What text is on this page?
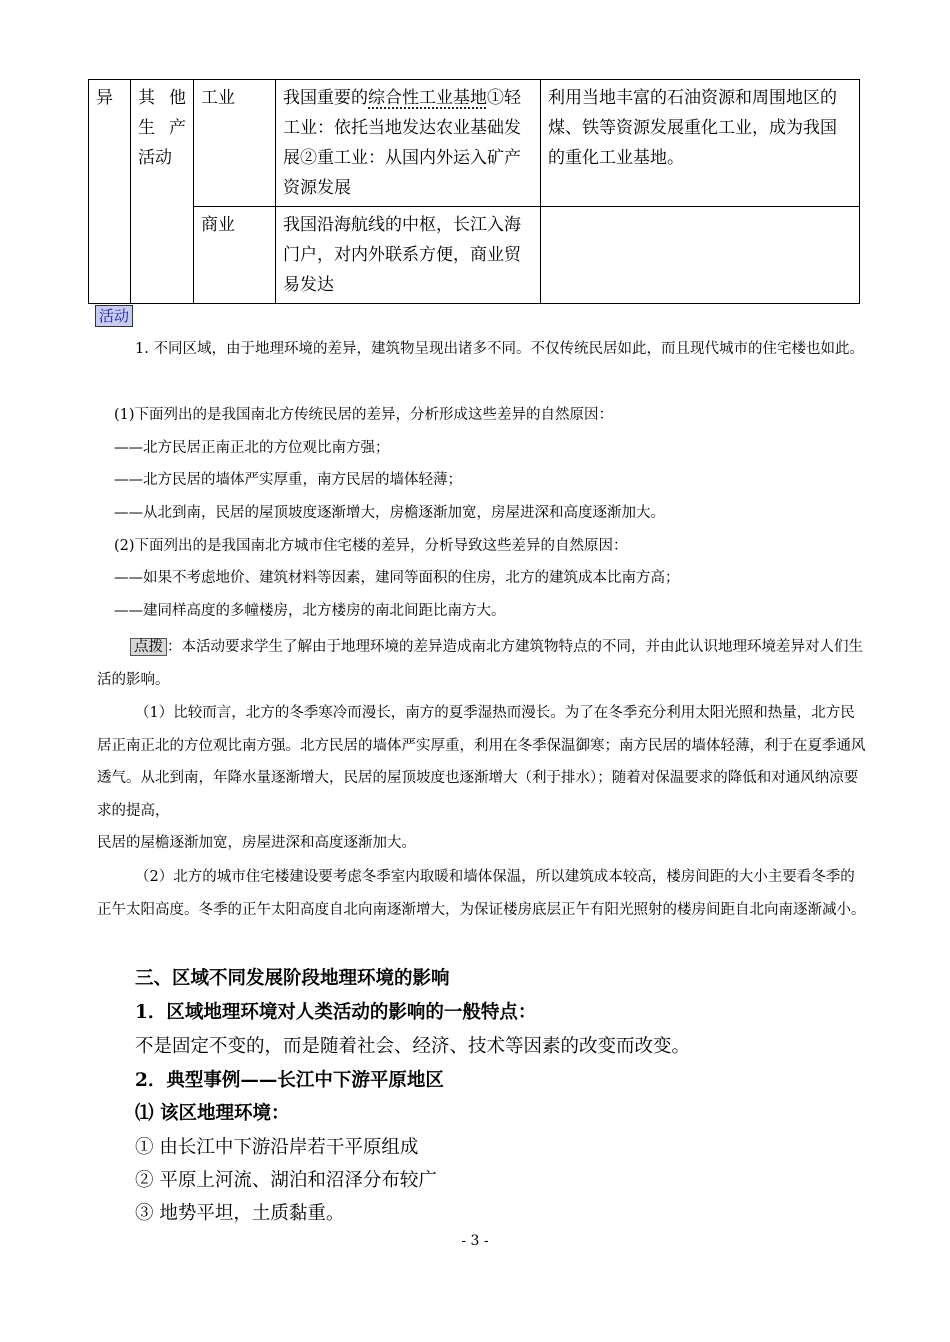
异	其他生产活动	工业	我国重要的综合性工业基地①轻工业：依托当地发达农业基础发展②重工业：从国内外运入矿产资源发展	利用当地丰富的石油资源和周围地区的煤、铁等资源发展重化工业，成为我国的重化工业基地。
		商业	我国沿海航线的中枢，长江入海门户，对内外联系方便，商业贸易发达	
活动
1. 不同区域，由于地理环境的差异，建筑物呈现出诸多不同。不仅传统民居如此，而且现代城市的住宅楼也如此。
(1)下面列出的是我国南北方传统民居的差异，分析形成这些差异的自然原因：
——北方民居正南正北的方位观比南方强；
——北方民居的墙体严实厚重，南方民居的墙体轻薄；
——从北到南，民居的屋顶坡度逐渐增大，房檐逐渐加宽，房屋进深和高度逐渐加大。
(2)下面列出的是我国南北方城市住宅楼的差异，分析导致这些差异的自然原因：
——如果不考虑地价、建筑材料等因素，建同等面积的住房，北方的建筑成本比南方高；
——建同样高度的多幢楼房，北方楼房的南北间距比南方大。
点拨 ：本活动要求学生了解由于地理环境的差异造成南北方建筑物特点的不同，并由此认识地理环境差异对人们生活的影响。
（1）比较而言，北方的冬季寒冷而漫长，南方的夏季湿热而漫长。为了在冬季充分利用太阳光照和热量，北方民居正南正北的方位观比南方强。北方民居的墙体严实厚重，利用在冬季保温御寒；南方民居的墙体轻薄，利于在夏季通风透气。从北到南，年降水量逐渐增大，民居的屋顶坡度也逐渐增大（利于排水）；随着对保温要求的降低和对通风纳凉要求的提高，
民居的屋檐逐渐加宽，房屋进深和高度逐渐加大。
（2）北方的城市住宅楼建设要考虑冬季室内取暖和墙体保温，所以建筑成本较高，楼房间距的大小主要看冬季的正午太阳高度。冬季的正午太阳高度自北向南逐渐增大，为保证楼房底层正午有阳光照射的楼房间距自北向南逐渐减小。
三、区域不同发展阶段地理环境的影响
1．区域地理环境对人类活动的影响的一般特点：
不是固定不变的，而是随着社会、经济、技术等因素的改变而改变。
2．典型事例——长江中下游平原地区
⑴ 该区地理环境：
① 由长江中下游沿岸若干平原组成
② 平原上河流、湖泊和沼泽分布较广
③ 地势平坦，土质黏重。
- 3 -
